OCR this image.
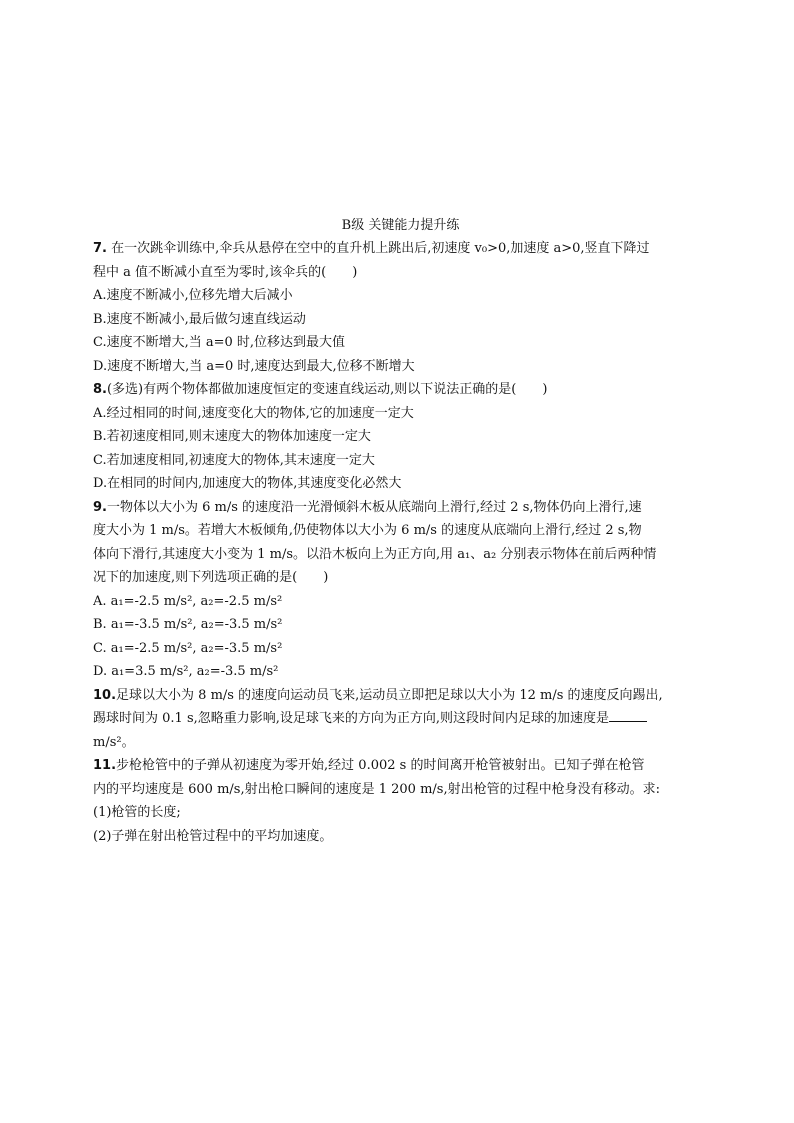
B级 关键能力提升练
7. 在一次跳伞训练中,伞兵从悬停在空中的直升机上跳出后,初速度 v₀>0,加速度 a>0,竖直下降过
程中 a 值不断减小直至为零时,该伞兵的(　　)
A.速度不断减小,位移先增大后减小
B.速度不断减小,最后做匀速直线运动
C.速度不断增大,当 a=0 时,位移达到最大值
D.速度不断增大,当 a=0 时,速度达到最大,位移不断增大
8.(多选)有两个物体都做加速度恒定的变速直线运动,则以下说法正确的是(　　)
A.经过相同的时间,速度变化大的物体,它的加速度一定大
B.若初速度相同,则末速度大的物体加速度一定大
C.若加速度相同,初速度大的物体,其末速度一定大
D.在相同的时间内,加速度大的物体,其速度变化必然大
9.一物体以大小为 6 m/s 的速度沿一光滑倾斜木板从底端向上滑行,经过 2 s,物体仍向上滑行,速
度大小为 1 m/s。若增大木板倾角,仍使物体以大小为 6 m/s 的速度从底端向上滑行,经过 2 s,物
体向下滑行,其速度大小变为 1 m/s。以沿木板向上为正方向,用 a₁、a₂ 分别表示物体在前后两种情
况下的加速度,则下列选项正确的是(　　)
A. a₁=-2.5 m/s², a₂=-2.5 m/s²
B. a₁=-3.5 m/s², a₂=-3.5 m/s²
C. a₁=-2.5 m/s², a₂=-3.5 m/s²
D. a₁=3.5 m/s², a₂=-3.5 m/s²
10.足球以大小为 8 m/s 的速度向运动员飞来,运动员立即把足球以大小为 12 m/s 的速度反向踢出,
踢球时间为 0.1 s,忽略重力影响,设足球飞来的方向为正方向,则这段时间内足球的加速度是
m/s²。
11.步枪枪管中的子弹从初速度为零开始,经过 0.002 s 的时间离开枪管被射出。已知子弹在枪管
内的平均速度是 600 m/s,射出枪口瞬间的速度是 1 200 m/s,射出枪管的过程中枪身没有移动。求:
(1)枪管的长度;
(2)子弹在射出枪管过程中的平均加速度。
